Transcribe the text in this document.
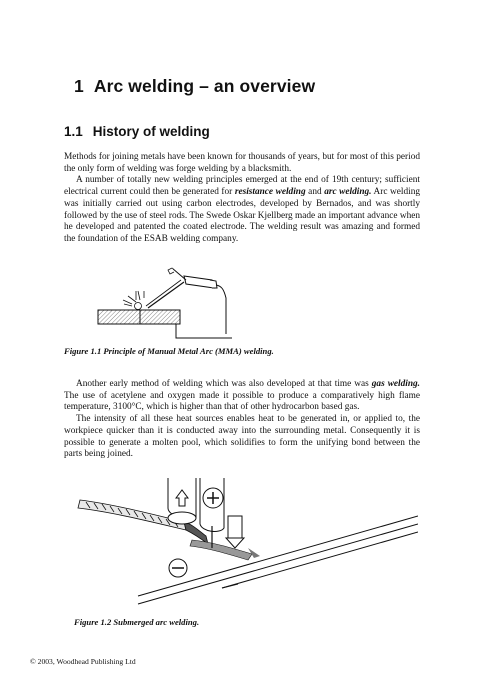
1 Arc welding – an overview
1.1 History of welding

Methods for joining metals have been known for thousands of years, but for most of this period the only form of welding was forge welding by a blacksmith.

A number of totally new welding principles emerged at the end of 19th century; sufficient electrical current could then be generated for resistance welding and arc welding. Arc welding was initially carried out using carbon electrodes, developed by Bernados, and was shortly followed by the use of steel rods. The Swede Oskar Kjellberg made an important advance when he developed and patented the coated electrode. The welding result was amazing and formed the foundation of the ESAB welding company.

Figure 1.1 Principle of Manual Metal Arc (MMA) welding.

Another early method of welding which was also developed at that time was gas welding. The use of acetylene and oxygen made it possible to produce a comparatively high flame temperature, 3100°C, which is higher than that of other hydrocarbon based gas.

The intensity of all these heat sources enables heat to be generated in, or applied to, the workpiece quicker than it is conducted away into the surrounding metal. Consequently it is possible to generate a molten pool, which solidifies to form the unifying bond between the parts being joined.

Figure 1.2 Submerged arc welding.
© 2003, Woodhead Publishing Ltd
